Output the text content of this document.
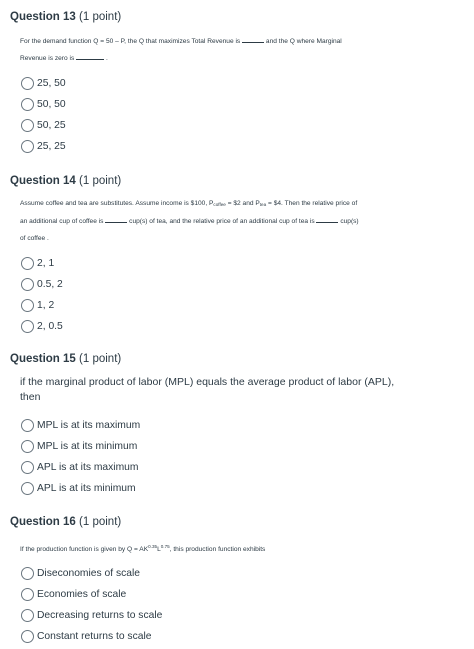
Question 13 (1 point)
For the demand function Q = 50 – P, the Q that maximizes Total Revenue is	and the Q where Marginal
Revenue is zero is	.
25, 50
50, 50
50, 25
25, 25
Question 14 (1 point)
Assume coffee and tea are substitutes. Assume income is $100, $P_{coffee}$ = $2 and $P_{tea}$ = $4. Then the relative price of
an additional cup of coffee is	cup(s) of tea, and the relative price of an additional cup of tea is	cup(s)
of coffee .
2, 1
0.5, 2
1, 2
2, 0.5
Question 15 (1 point)
if the marginal product of labor (MPL) equals the average product of labor (APL),
then
MPL is at its maximum
MPL is at its minimum
APL is at its maximum
APL is at its minimum
Question 16 (1 point)
If the production function is given by $Q = AK^{0.35}L^{0.75}$, this production function exhibits
Diseconomies of scale
Economies of scale
Decreasing returns to scale
Constant returns to scale
